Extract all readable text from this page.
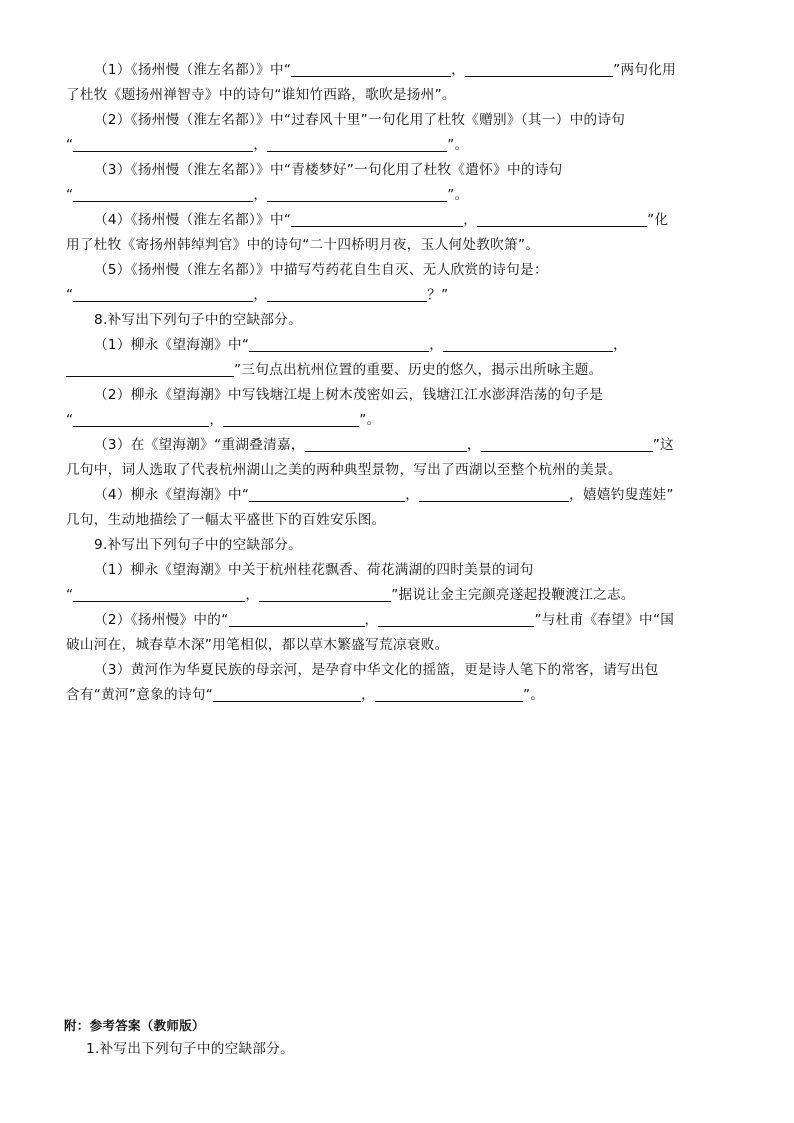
（1）《扬州慢（淮左名都）》中“	，	”两句化用

了杜牧《题扬州禅智寺》中的诗句“谁知竹西路，歌吹是扬州”。

（2）《扬州慢（淮左名都）》中“过春风十里”一句化用了杜牧《赠别》（其一）中的诗句

“	，	”。

（3）《扬州慢（淮左名都）》中“青楼梦好”一句化用了杜牧《遣怀》中的诗句

“	，	”。

（4）《扬州慢（淮左名都）》中“	，	”化

用了杜牧《寄扬州韩绰判官》中的诗句“二十四桥明月夜，玉人何处教吹箫”。

（5）《扬州慢（淮左名都）》中描写芍药花自生自灭、无人欣赏的诗句是：

“	，	？”

8.补写出下列句子中的空缺部分。

（1）柳永《望海潮》中“	，	，

”三句点出杭州位置的重要、历史的悠久，揭示出所咏主题。

（2）柳永《望海潮》中写钱塘江堤上树木茂密如云，钱塘江江水澎湃浩荡的句子是

“	，	”。

（3）在《望海潮》“重湖叠清嘉，	，	”这

几句中，词人选取了代表杭州湖山之美的两种典型景物，写出了西湖以至整个杭州的美景。

（4）柳永《望海潮》中“	，	，嬉嬉钓叟莲娃”

几句，生动地描绘了一幅太平盛世下的百姓安乐图。

9.补写出下列句子中的空缺部分。

（1）柳永《望海潮》中关于杭州桂花飘香、荷花满湖的四时美景的词句

“	，	”据说让金主完颜亮遂起投鞭渡江之志。

（2）《扬州慢》中的“	，	”与杜甫《春望》中“国

破山河在，城春草木深”用笔相似，都以草木繁盛写荒凉衰败。

（3）黄河作为华夏民族的母亲河，是孕育中华文化的摇篮，更是诗人笔下的常客，请写出包

含有“黄河”意象的诗句“	，	”。

附：参考答案（教师版）

1.补写出下列句子中的空缺部分。
